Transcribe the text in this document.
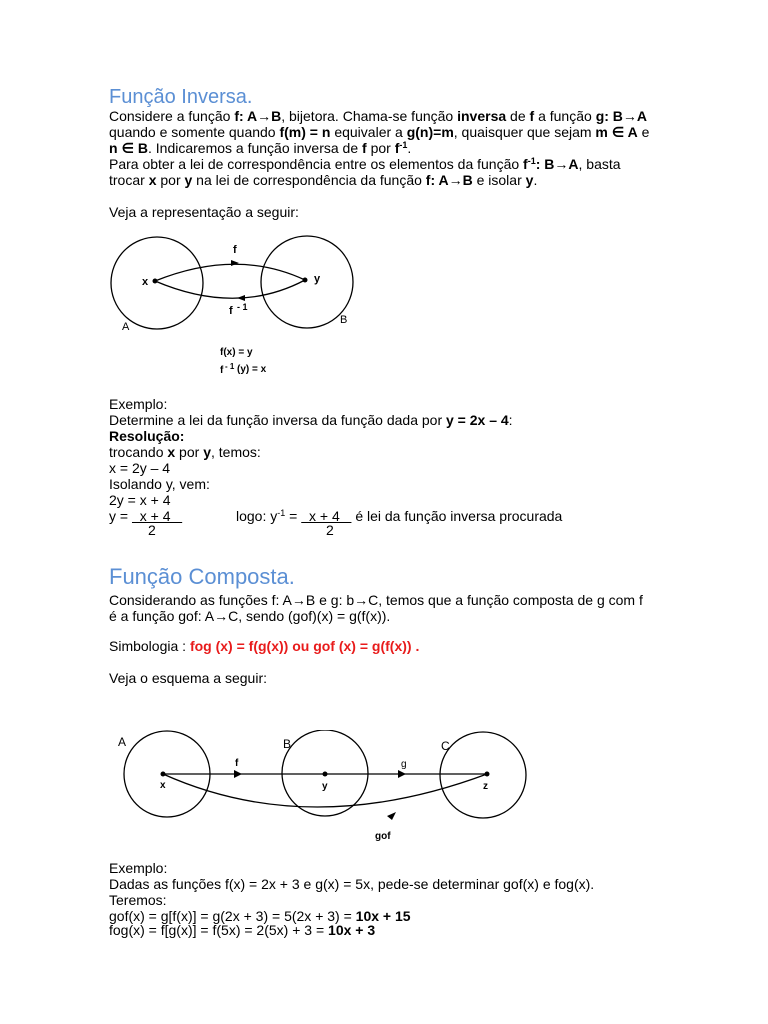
Função Inversa.
Considere a função f: A→B, bijetora. Chama-se função inversa de f a função g: B→A
quando e somente quando f(m) = n equivaler a g(n)=m, quaisquer que sejam m ∈ A e
n ∈ B. Indicaremos a função inversa de f por $f^{-1}$.
Para obter a lei de correspondência entre os elementos da função $f^{-1}$: B→A, basta
trocar x por y na lei de correspondência da função f: A→B e isolar y.
Veja a representação a seguir:
x	y
f
f - 1
A
B
f(x) = y
f - 1 (y) = x
Exemplo:
Determine a lei da função inversa da função dada por y = 2x – 4:
Resolução:
trocando x por y, temos:
x = 2y – 4
Isolando y, vem:
2y = x + 4
y =   x + 4	logo: $y^{-1} = x + 4$    é lei da função inversa procurada
2	2
Função Composta.
Considerando as funções f: A→B e g: b→C, temos que a função composta de g com f
é a função gof: A→C, sendo (gof)(x) = g(f(x)).
Simbologia : fog (x) = f(g(x)) ou gof (x) = g(f(x)) .
Veja o esquema a seguir:
A	B	C
f	g
x	y	z
gof
Exemplo:
Dadas as funções f(x) = 2x + 3 e g(x) = 5x, pede-se determinar gof(x) e fog(x).
Teremos:
gof(x) = g[f(x)] = g(2x + 3) = 5(2x + 3) = 10x + 15
fog(x) = f[g(x)] = f(5x) = 2(5x) + 3 = 10x + 3
